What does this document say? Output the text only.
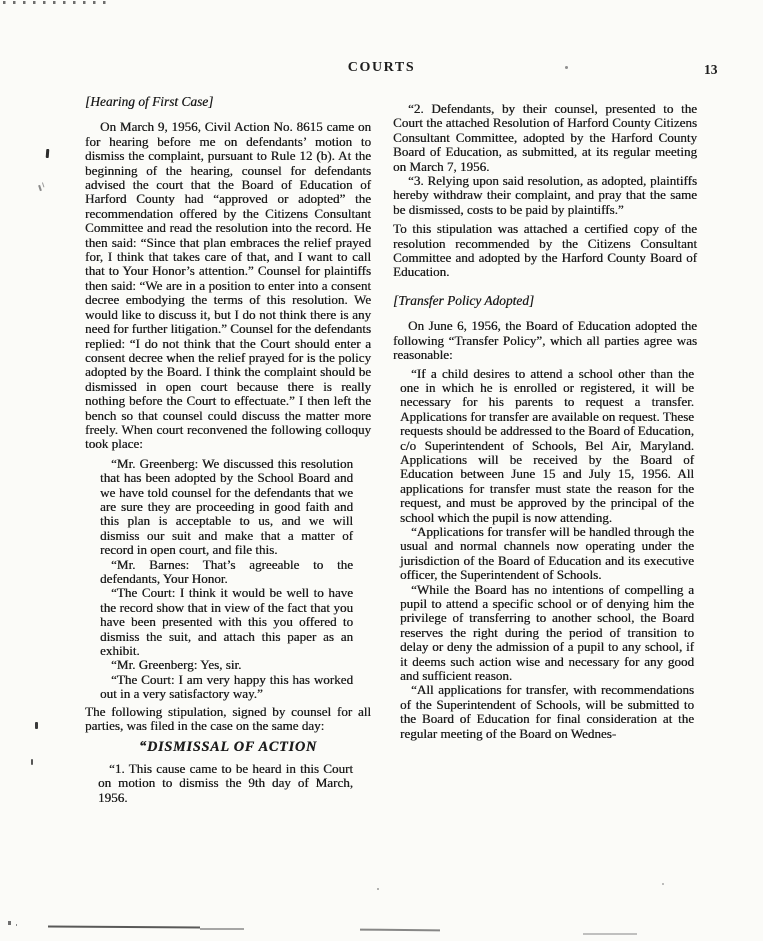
COURTS	13
[Hearing of First Case]

On March 9, 1956, Civil Action No. 8615 came on for hearing before me on defendants’ motion to dismiss the complaint, pursuant to Rule 12 (b). At the beginning of the hearing, counsel for defendants advised the court that the Board of Education of Harford County had “approved or adopted” the recommendation offered by the Citizens Consultant Committee and read the resolution into the record. He then said: “Since that plan embraces the relief prayed for, I think that takes care of that, and I want to call that to Your Honor’s attention.” Counsel for plaintiffs then said: “We are in a position to enter into a consent decree embodying the terms of this resolution. We would like to discuss it, but I do not think there is any need for further litigation.” Counsel for the defendants replied: “I do not think that the Court should enter a consent decree when the relief prayed for is the policy adopted by the Board. I think the complaint should be dismissed in open court because there is really nothing before the Court to effectuate.” I then left the bench so that counsel could discuss the matter more freely. When court reconvened the following colloquy took place:

“Mr. Greenberg: We discussed this resolution that has been adopted by the School Board and we have told counsel for the defendants that we are sure they are proceeding in good faith and this plan is acceptable to us, and we will dismiss our suit and make that a matter of record in open court, and file this.

“Mr. Barnes: That’s agreeable to the defendants, Your Honor.

“The Court: I think it would be well to have the record show that in view of the fact that you have been presented with this you offered to dismiss the suit, and attach this paper as an exhibit.

“Mr. Greenberg: Yes, sir.

“The Court: I am very happy this has worked out in a very satisfactory way.”

The following stipulation, signed by counsel for all parties, was filed in the case on the same day:

“DISMISSAL OF ACTION

“1. This cause came to be heard in this Court on motion to dismiss the 9th day of March, 1956.

“2. Defendants, by their counsel, presented to the Court the attached Resolution of Harford County Citizens Consultant Committee, adopted by the Harford County Board of Education, as submitted, at its regular meeting on March 7, 1956.

“3. Relying upon said resolution, as adopted, plaintiffs hereby withdraw their complaint, and pray that the same be dismissed, costs to be paid by plaintiffs.”

To this stipulation was attached a certified copy of the resolution recommended by the Citizens Consultant Committee and adopted by the Harford County Board of Education.

[Transfer Policy Adopted]

On June 6, 1956, the Board of Education adopted the following “Transfer Policy”, which all parties agree was reasonable:

“If a child desires to attend a school other than the one in which he is enrolled or registered, it will be necessary for his parents to request a transfer. Applications for transfer are available on request. These requests should be addressed to the Board of Education, c/o Superintendent of Schools, Bel Air, Maryland. Applications will be received by the Board of Education between June 15 and July 15, 1956. All applications for transfer must state the reason for the request, and must be approved by the principal of the school which the pupil is now attending.

“Applications for transfer will be handled through the usual and normal channels now operating under the jurisdiction of the Board of Education and its executive officer, the Superintendent of Schools.

“While the Board has no intentions of compelling a pupil to attend a specific school or of denying him the privilege of transferring to another school, the Board reserves the right during the period of transition to delay or deny the admission of a pupil to any school, if it deems such action wise and necessary for any good and sufficient reason.

“All applications for transfer, with recommendations of the Superintendent of Schools, will be submitted to the Board of Education for final consideration at the regular meeting of the Board on Wednes-
